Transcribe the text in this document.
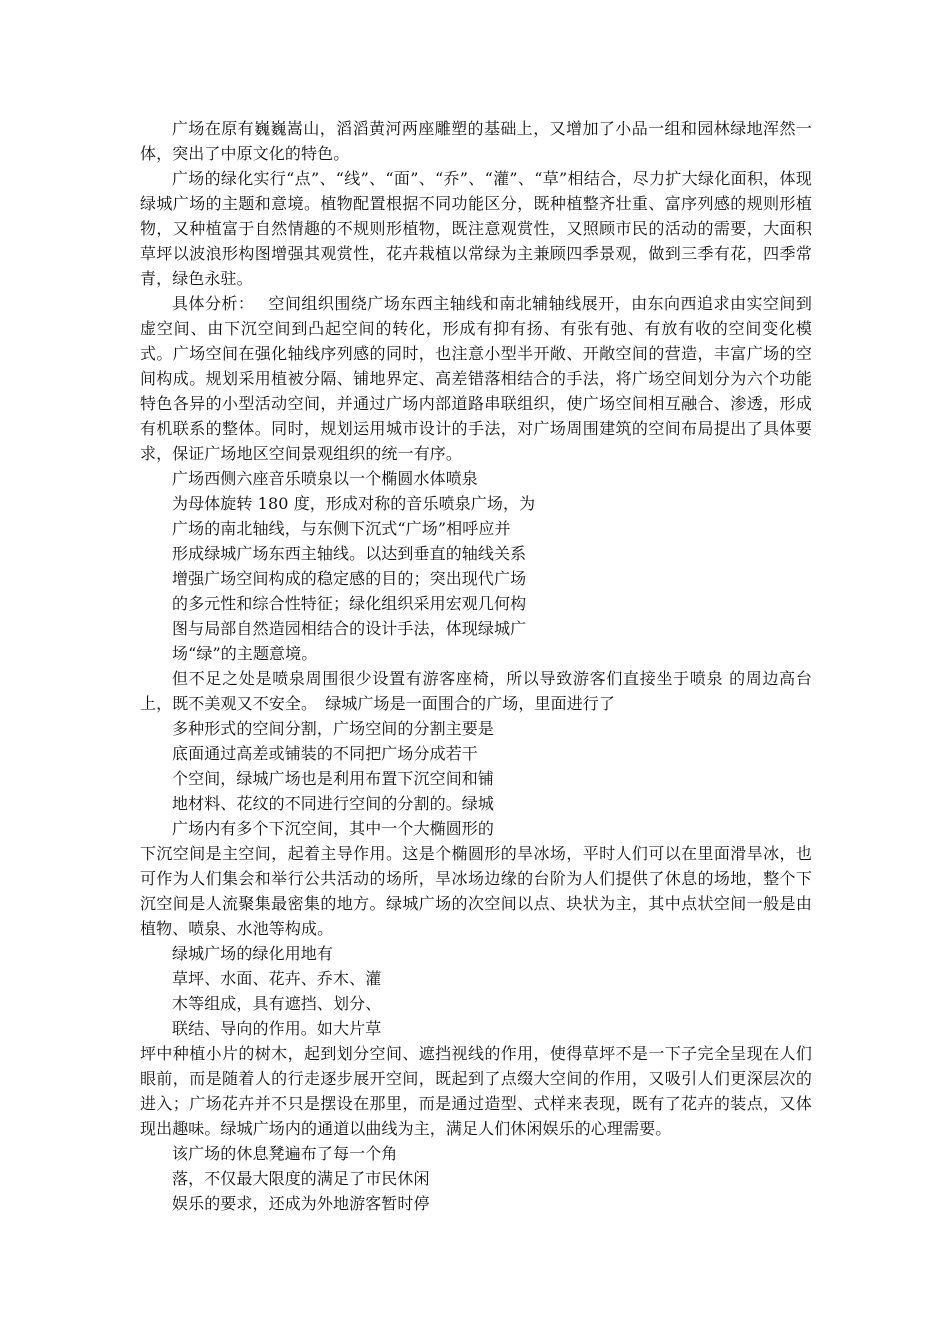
广场在原有巍巍嵩山，滔滔黄河两座雕塑的基础上，又增加了小品一组和园林绿地浑然一体，突出了中原文化的特色。

广场的绿化实行“点”、“线”、“面”、“乔”、“灌”、“草”相结合，尽力扩大绿化面积，体现绿城广场的主题和意境。植物配置根据不同功能区分，既种植整齐壮重、富序列感的规则形植物，又种植富于自然情趣的不规则形植物，既注意观赏性，又照顾市民的活动的需要，大面积草坪以波浪形构图增强其观赏性，花卉栽植以常绿为主兼顾四季景观，做到三季有花，四季常青，绿色永驻。

具体分析：　 空间组织围绕广场东西主轴线和南北辅轴线展开，由东向西追求由实空间到虚空间、由下沉空间到凸起空间的转化，形成有抑有扬、有张有弛、有放有收的空间变化模式。广场空间在强化轴线序列感的同时，也注意小型半开敞、开敞空间的营造，丰富广场的空间构成。规划采用植被分隔、铺地界定、高差错落相结合的手法，将广场空间划分为六个功能特色各异的小型活动空间，并通过广场内部道路串联组织，使广场空间相互融合、渗透，形成有机联系的整体。同时，规划运用城市设计的手法，对广场周围建筑的空间布局提出了具体要求，保证广场地区空间景观组织的统一有序。

广场西侧六座音乐喷泉以一个椭圆水体喷泉
为母体旋转 180 度，形成对称的音乐喷泉广场，为
广场的南北轴线，与东侧下沉式“广场”相呼应并
形成绿城广场东西主轴线。以达到垂直的轴线关系
增强广场空间构成的稳定感的目的；突出现代广场
的多元性和综合性特征；绿化组织采用宏观几何构
图与局部自然造园相结合的设计手法，体现绿城广
场“绿”的主题意境。

但不足之处是喷泉周围很少设置有游客座椅，所以导致游客们直接坐于喷泉 的周边高台上，既不美观又不安全。　绿城广场是一面围合的广场，里面进行了

多种形式的空间分割，广场空间的分割主要是
底面通过高差或铺装的不同把广场分成若干
个空间，绿城广场也是利用布置下沉空间和铺
地材料、花纹的不同进行空间的分割的。绿城
广场内有多个下沉空间，其中一个大椭圆形的

下沉空间是主空间，起着主导作用。这是个椭圆形的旱冰场，平时人们可以在里面滑旱冰，也可作为人们集会和举行公共活动的场所，旱冰场边缘的台阶为人们提供了休息的场地，整个下沉空间是人流聚集最密集的地方。绿城广场的次空间以点、块状为主，其中点状空间一般是由植物、喷泉、水池等构成。

绿城广场的绿化用地有
草坪、水面、花卉、乔木、灌
木等组成，具有遮挡、划分、
联结、导向的作用。如大片草

坪中种植小片的树木，起到划分空间、遮挡视线的作用，使得草坪不是一下子完全呈现在人们眼前，而是随着人的行走逐步展开空间，既起到了点缀大空间的作用，又吸引人们更深层次的进入；广场花卉并不只是摆设在那里，而是通过造型、式样来表现，既有了花卉的装点，又体现出趣味。绿城广场内的通道以曲线为主，满足人们休闲娱乐的心理需要。

该广场的休息凳遍布了每一个角
落，不仅最大限度的满足了市民休闲
娱乐的要求，还成为外地游客暂时停
